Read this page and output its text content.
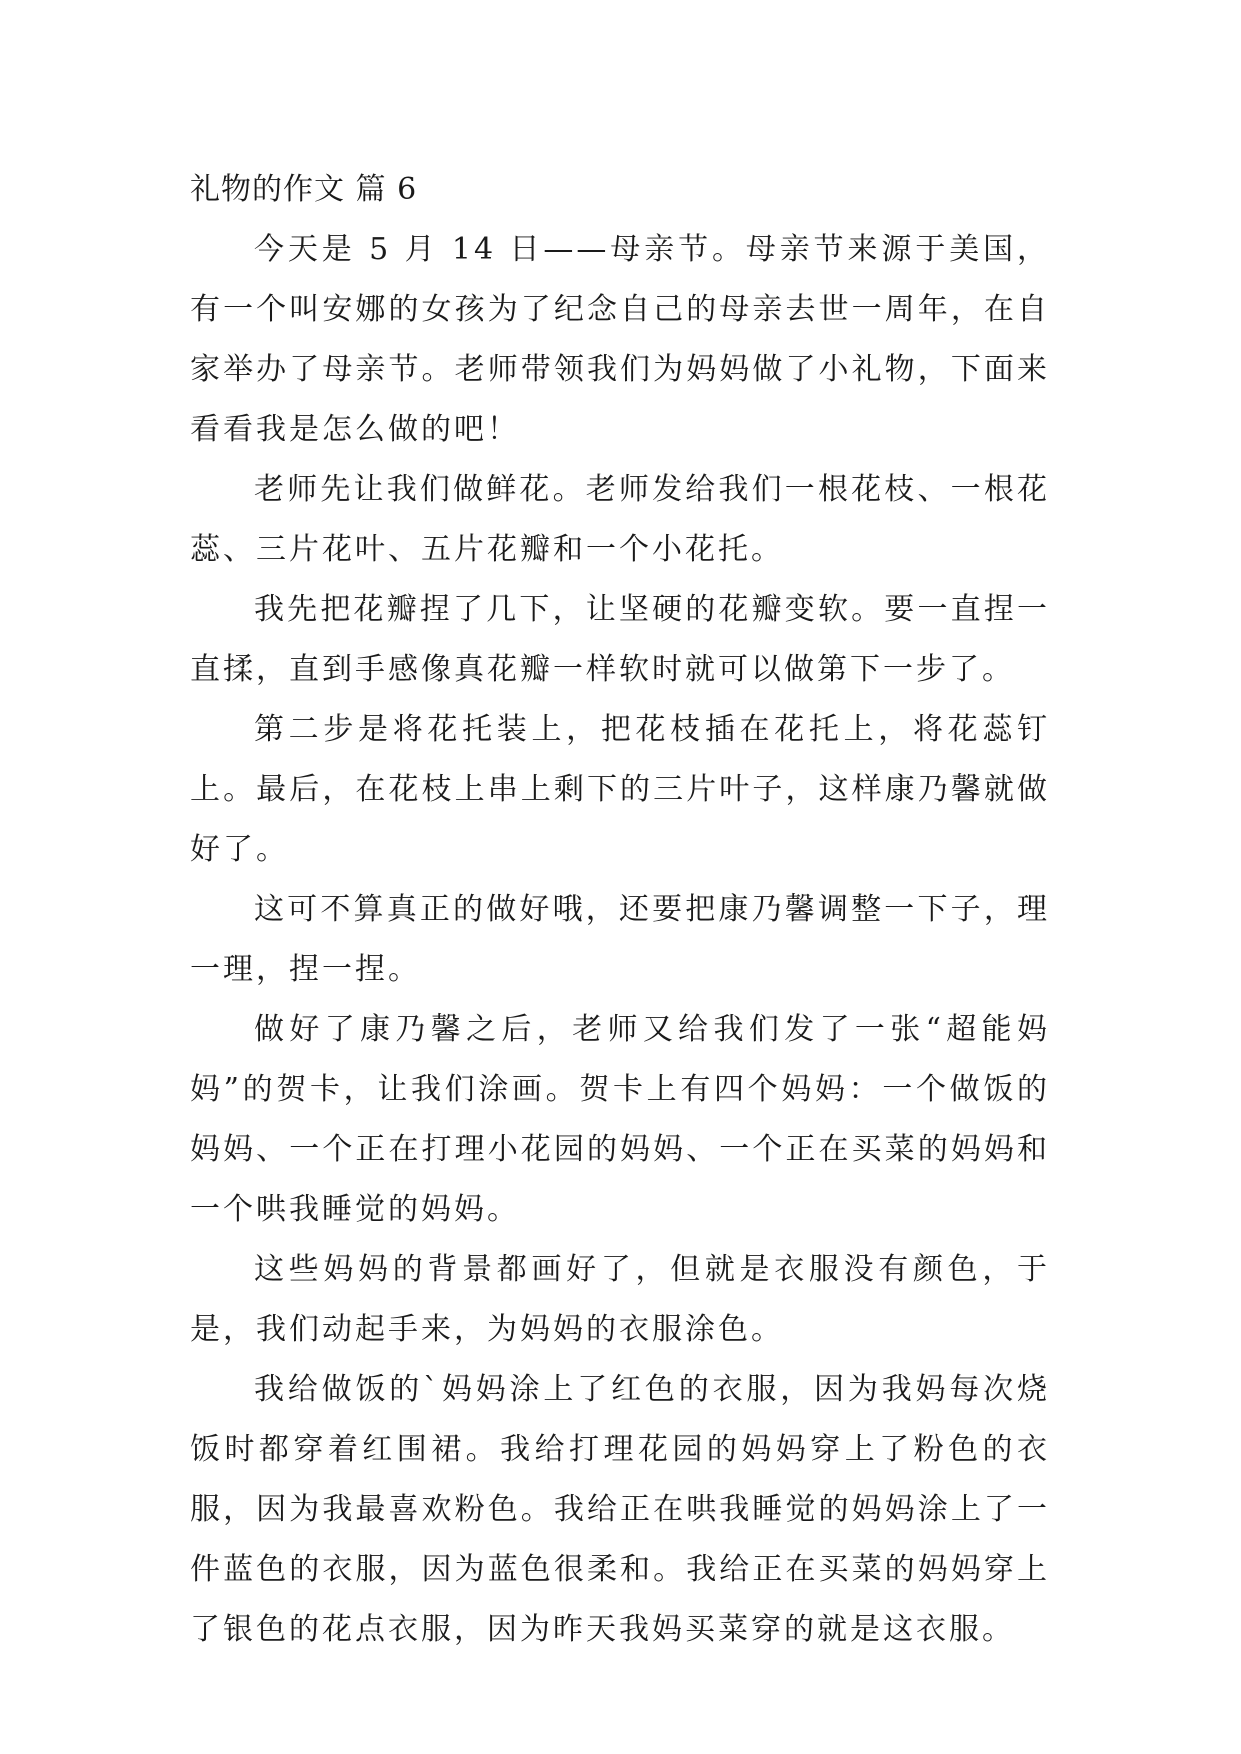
礼物的作文 篇 6

今天是 5 月 14 日——母亲节。母亲节来源于美国，有一个叫安娜的女孩为了纪念自己的母亲去世一周年，在自家举办了母亲节。老师带领我们为妈妈做了小礼物，下面来看看我是怎么做的吧！

老师先让我们做鲜花。老师发给我们一根花枝、一根花蕊、三片花叶、五片花瓣和一个小花托。

我先把花瓣捏了几下，让坚硬的花瓣变软。要一直捏一直揉，直到手感像真花瓣一样软时就可以做第下一步了。

第二步是将花托装上，把花枝插在花托上，将花蕊钉上。最后，在花枝上串上剩下的三片叶子，这样康乃馨就做好了。

这可不算真正的做好哦，还要把康乃馨调整一下子，理一理，捏一捏。

做好了康乃馨之后，老师又给我们发了一张“超能妈妈”的贺卡，让我们涂画。贺卡上有四个妈妈：一个做饭的妈妈、一个正在打理小花园的妈妈、一个正在买菜的妈妈和一个哄我睡觉的妈妈。

这些妈妈的背景都画好了，但就是衣服没有颜色，于是，我们动起手来，为妈妈的衣服涂色。

我给做饭的`妈妈涂上了红色的衣服，因为我妈每次烧饭时都穿着红围裙。我给打理花园的妈妈穿上了粉色的衣服，因为我最喜欢粉色。我给正在哄我睡觉的妈妈涂上了一件蓝色的衣服，因为蓝色很柔和。我给正在买菜的妈妈穿上了银色的花点衣服，因为昨天我妈买菜穿的就是这衣服。
